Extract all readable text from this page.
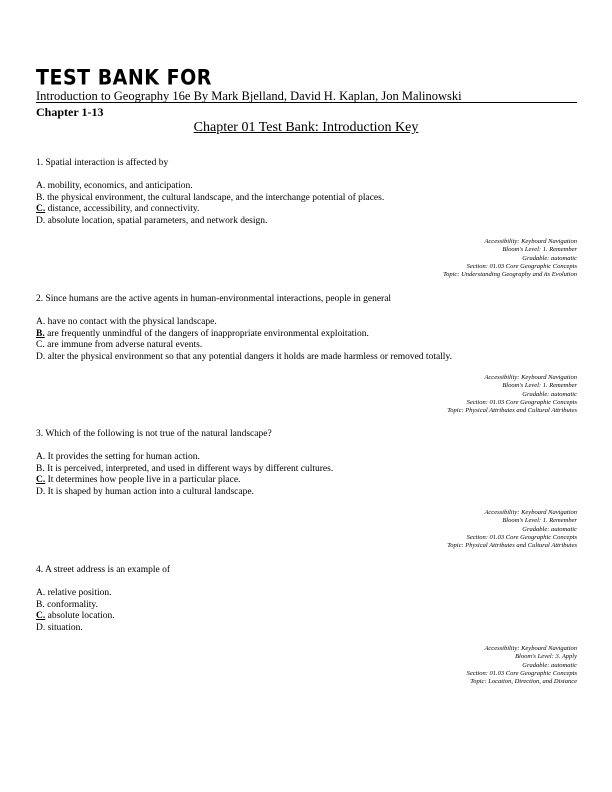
TEST BANK FOR
Introduction to Geography 16e By Mark Bjelland, David H. Kaplan, Jon Malinowski
Chapter 1-13
Chapter 01 Test Bank: Introduction Key

1. Spatial interaction is affected by

A. mobility, economics, and anticipation.
B. the physical environment, the cultural landscape, and the interchange potential of places.
C. distance, accessibility, and connectivity.
D. absolute location, spatial parameters, and network design.
Accessibility: Keyboard Navigation
Bloom's Level: 1. Remember
Gradable: automatic
Section: 01.03 Core Geographic Concepts
Topic: Understanding Geography and its Evolution

2. Since humans are the active agents in human-environmental interactions, people in general

A. have no contact with the physical landscape.
B. are frequently unmindful of the dangers of inappropriate environmental exploitation.
C. are immune from adverse natural events.
D. alter the physical environment so that any potential dangers it holds are made harmless or removed totally.
Accessibility: Keyboard Navigation
Bloom's Level: 1. Remember
Gradable: automatic
Section: 01.03 Core Geographic Concepts
Topic: Physical Attributes and Cultural Attributes

3. Which of the following is not true of the natural landscape?

A. It provides the setting for human action.
B. It is perceived, interpreted, and used in different ways by different cultures.
C. It determines how people live in a particular place.
D. It is shaped by human action into a cultural landscape.
Accessibility: Keyboard Navigation
Bloom's Level: 1. Remember
Gradable: automatic
Section: 01.03 Core Geographic Concepts
Topic: Physical Attributes and Cultural Attributes

4. A street address is an example of

A. relative position.
B. conformality.
C. absolute location.
D. situation.
Accessibility: Keyboard Navigation
Bloom's Level: 3. Apply
Gradable: automatic
Section: 01.03 Core Geographic Concepts
Topic: Location, Direction, and Distance
